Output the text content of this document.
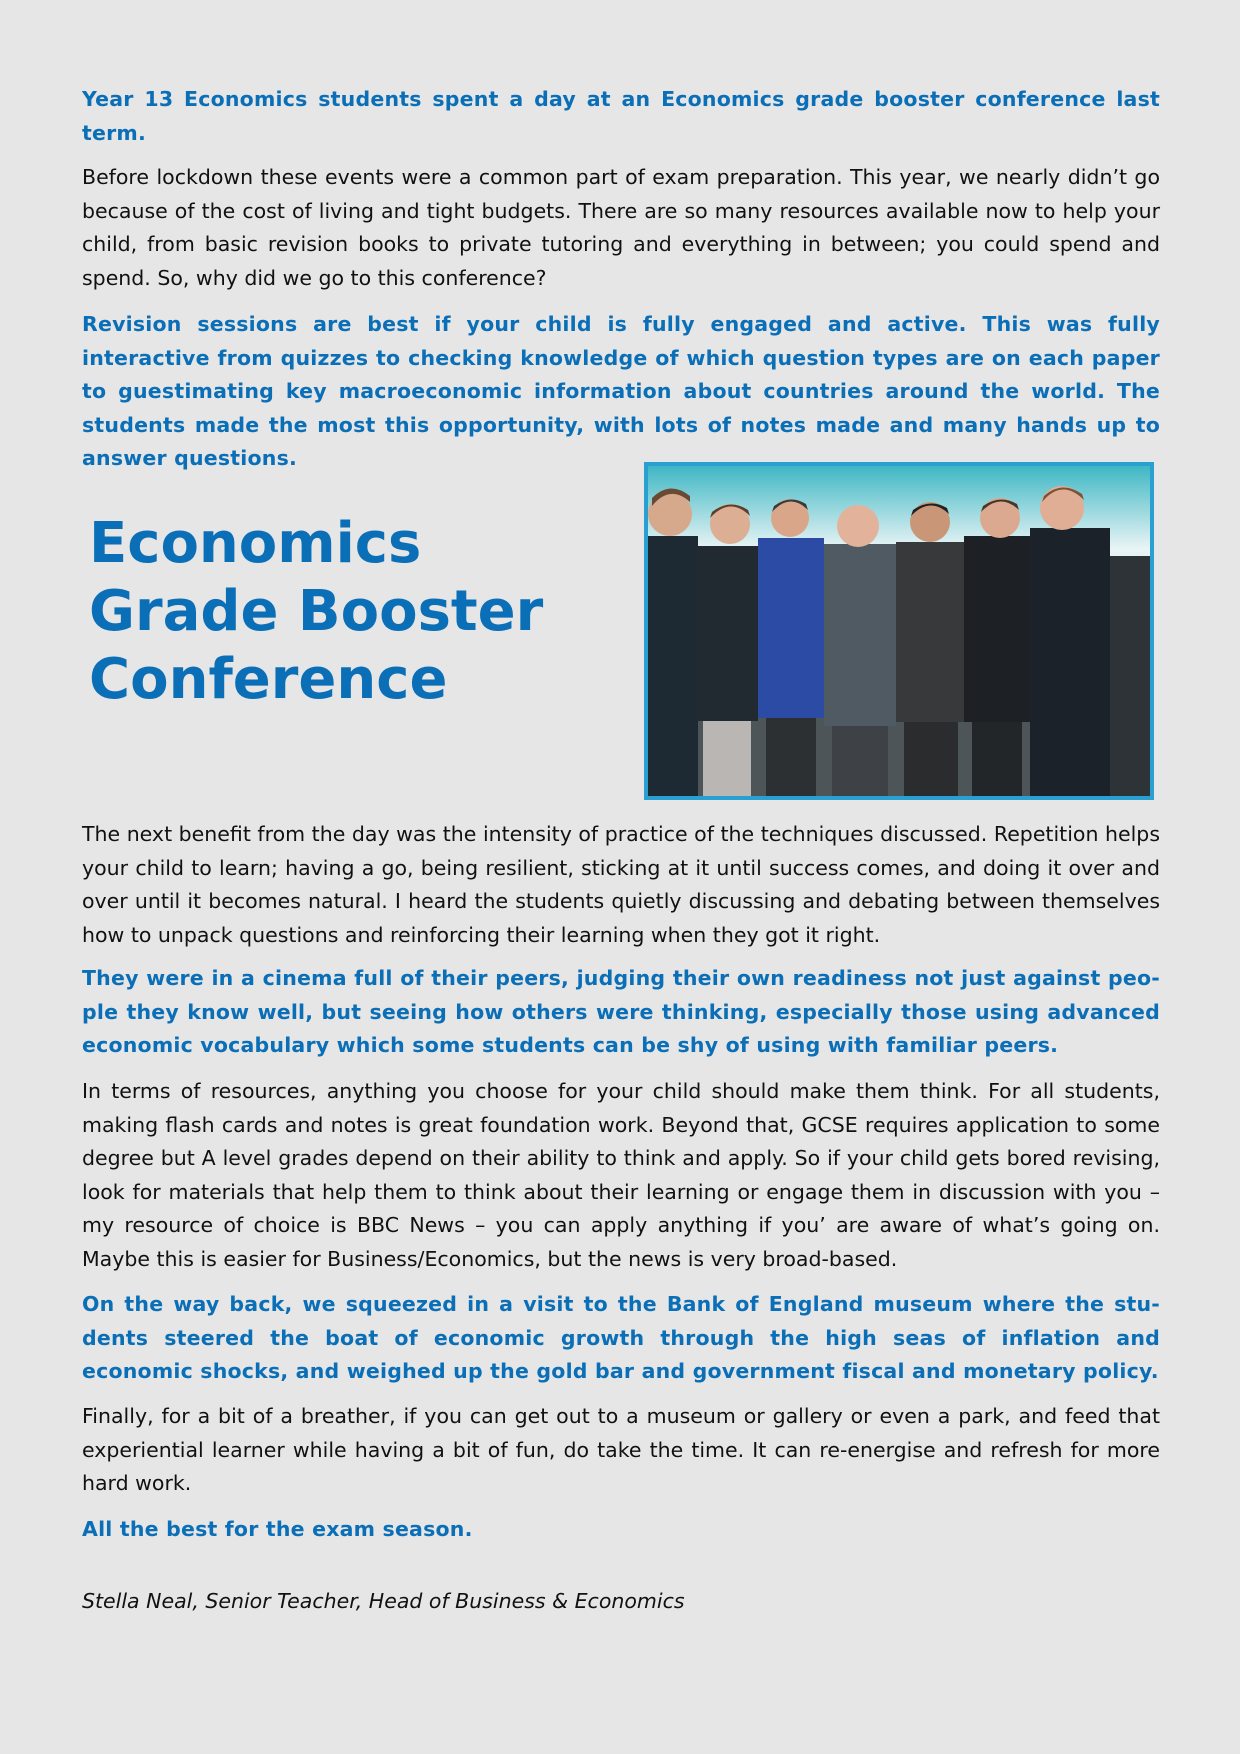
Year 13 Economics students spent a day at an Economics grade booster conference last term.

Before lockdown these events were a common part of exam preparation. This year, we nearly didn’t go because of the cost of living and tight budgets. There are so many resources available now to help your child, from basic revision books to private tutoring and everything in between; you could spend and spend. So, why did we go to this conference?

Revision sessions are best if your child is fully engaged and active. This was fully interactive from quizzes to checking knowledge of which question types are on each paper to guestimating key macroeconomic information about countries around the world. The students made the most this opportunity, with lots of notes made and many hands up to answer questions.

Economics
Grade Booster
Conference

The next benefit from the day was the intensity of practice of the techniques discussed. Repetition helps your child to learn; having a go, being resilient, sticking at it until success comes, and doing it over and over until it becomes natural. I heard the students quietly discussing and debating between themselves how to unpack questions and reinforcing their learning when they got it right.

They were in a cinema full of their peers, judging their own readiness not just against peo-ple they know well, but seeing how others were thinking, especially those using advanced economic vocabulary which some students can be shy of using with familiar peers.

In terms of resources, anything you choose for your child should make them think. For all students, making flash cards and notes is great foundation work. Beyond that, GCSE requires application to some degree but A level grades depend on their ability to think and apply. So if your child gets bored revising, look for materials that help them to think about their learning or engage them in discussion with you – my resource of choice is BBC News – you can apply anything if you’ are aware of what’s going on. Maybe this is easier for Business/Economics, but the news is very broad-based.

On the way back, we squeezed in a visit to the Bank of England museum where the stu-dents steered the boat of economic growth through the high seas of inflation and economic shocks, and weighed up the gold bar and government fiscal and monetary policy.

Finally, for a bit of a breather, if you can get out to a museum or gallery or even a park, and feed that experiential learner while having a bit of fun, do take the time. It can re-energise and refresh for more hard work.

All the best for the exam season.

Stella Neal, Senior Teacher, Head of Business & Economics
